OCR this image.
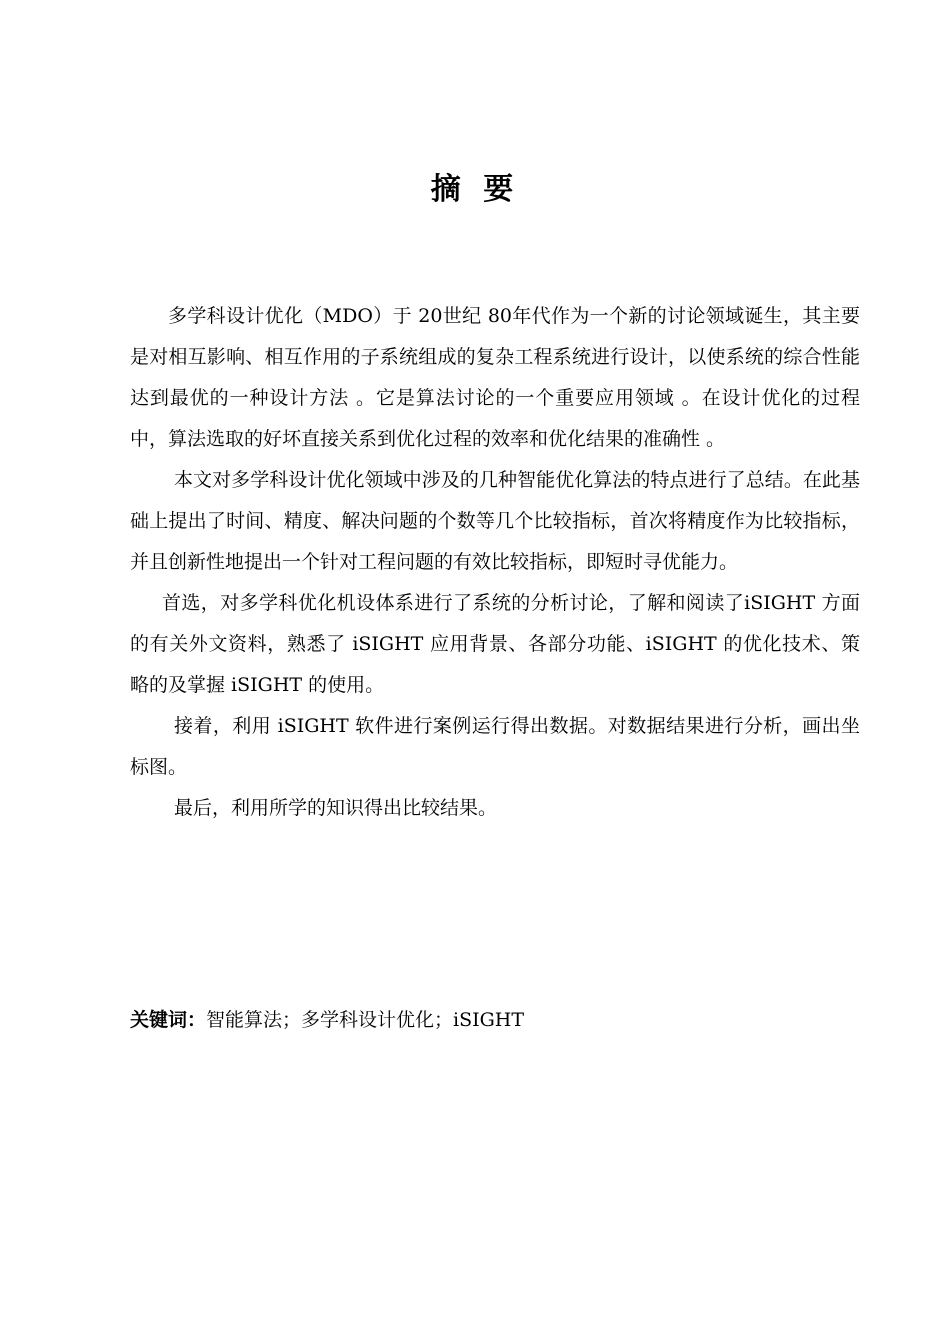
摘 要

多学科设计优化（MDO）于 20世纪 80年代作为一个新的讨论领域诞生，其主要是对相互影响、相互作用的子系统组成的复杂工程系统进行设计，以使系统的综合性能达到最优的一种设计方法 。它是算法讨论的一个重要应用领域 。在设计优化的过程中，算法选取的好坏直接关系到优化过程的效率和优化结果的准确性 。

本文对多学科设计优化领域中涉及的几种智能优化算法的特点进行了总结。在此基础上提出了时间、精度、解决问题的个数等几个比较指标，首次将精度作为比较指标，并且创新性地提出一个针对工程问题的有效比较指标，即短时寻优能力。

首选，对多学科优化机设体系进行了系统的分析讨论，了解和阅读了iSIGHT 方面的有关外文资料，熟悉了 iSIGHT 应用背景、各部分功能、iSIGHT 的优化技术、策略的及掌握 iSIGHT 的使用。

接着，利用 iSIGHT 软件进行案例运行得出数据。对数据结果进行分析，画出坐标图。

最后，利用所学的知识得出比较结果。

关键词：智能算法；多学科设计优化；iSIGHT
